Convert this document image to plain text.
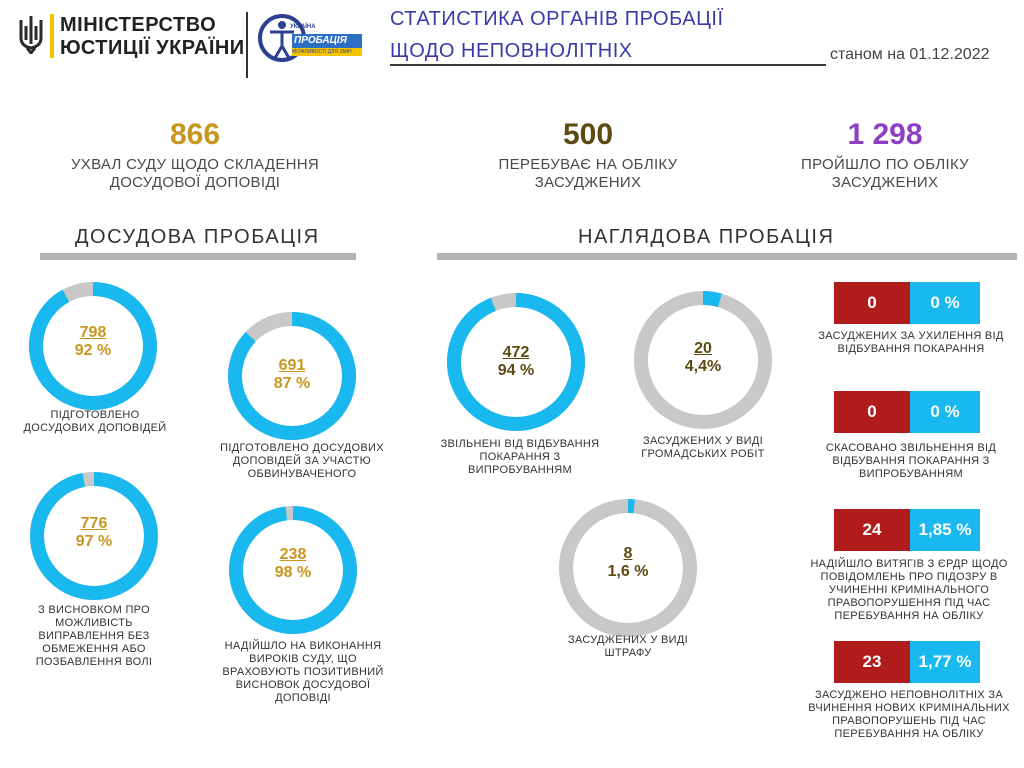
МІНІСТЕРСТВО
ЮСТИЦІЇ УКРАЇНИ
УКРАЇНА
ПРОБАЦІЯ
МОЖЛИВОСТІ ДЛЯ ЗМІН
СТАТИСТИКА ОРГАНІВ ПРОБАЦІЇ
ЩОДО НЕПОВНОЛІТНІХ	станом на 01.12.2022
866
УХВАЛ СУДУ ЩОДО СКЛАДЕННЯ ДОСУДОВОЇ ДОПОВІДІ
500
ПЕРЕБУВАЄ НА ОБЛІКУ ЗАСУДЖЕНИХ
1 298
ПРОЙШЛО ПО ОБЛІКУ ЗАСУДЖЕНИХ
ДОСУДОВА ПРОБАЦІЯ	НАГЛЯДОВА ПРОБАЦІЯ
798
92 %
691
87 %
776
97 %
238
98 %
472
94 %
20
4,4%
8
1,6 %
ПІДГОТОВЛЕНО ДОСУДОВИХ ДОПОВІДЕЙ
ПІДГОТОВЛЕНО ДОСУДОВИХ ДОПОВІДЕЙ ЗА УЧАСТЮ ОБВИНУВАЧЕНОГО
З ВИСНОВКОМ ПРО МОЖЛИВІСТЬ ВИПРАВЛЕННЯ БЕЗ ОБМЕЖЕННЯ АБО ПОЗБАВЛЕННЯ ВОЛІ
НАДІЙШЛО НА ВИКОНАННЯ ВИРОКІВ СУДУ, ЩО ВРАХОВУЮТЬ ПОЗИТИВНИЙ ВИСНОВОК ДОСУДОВОЇ ДОПОВІДІ
ЗВІЛЬНЕНІ ВІД ВІДБУВАННЯ ПОКАРАННЯ З ВИПРОБУВАННЯМ
ЗАСУДЖЕНИХ У ВИДІ ГРОМАДСЬКИХ РОБІТ
ЗАСУДЖЕНИХ У ВИДІ ШТРАФУ
0	0 %
ЗАСУДЖЕНИХ ЗА УХИЛЕННЯ ВІД ВІДБУВАННЯ ПОКАРАННЯ
0	0 %
СКАСОВАНО ЗВІЛЬНЕННЯ ВІД ВІДБУВАННЯ ПОКАРАННЯ З ВИПРОБУВАННЯМ
24	1,85 %
НАДІЙШЛО ВИТЯГІВ З ЄРДР ЩОДО ПОВІДОМЛЕНЬ ПРО ПІДОЗРУ В УЧИНЕННІ КРИМІНАЛЬНОГО ПРАВОПОРУШЕННЯ ПІД ЧАС ПЕРЕБУВАННЯ НА ОБЛІКУ
23	1,77 %
ЗАСУДЖЕНО НЕПОВНОЛІТНІХ ЗА ВЧИНЕННЯ НОВИХ КРИМІНАЛЬНИХ ПРАВОПОРУШЕНЬ ПІД ЧАС ПЕРЕБУВАННЯ НА ОБЛІКУ
